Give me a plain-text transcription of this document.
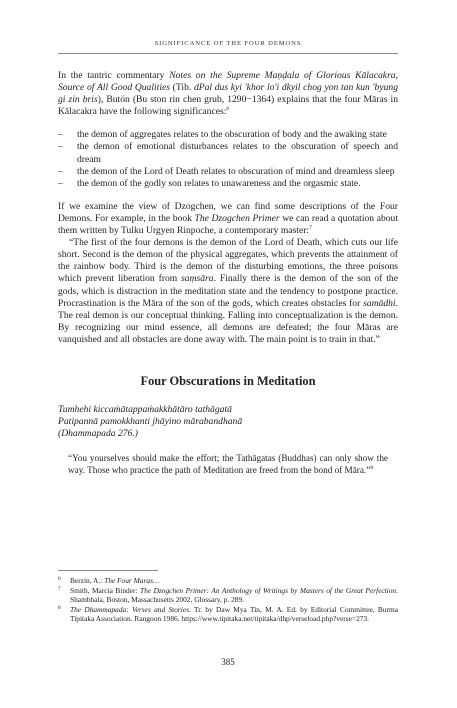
SIGNIFICANCE OF THE FOUR DEMONS

In the tantric commentary Notes on the Supreme Maṇḍala of Glorious Kālacakra, Source of All Good Qualities (Tib. dPal dus kyi 'khor lo'i dkyil chog yon tan kun 'byung gi zin bris), Butön (Bu ston rin chen grub, 1290−1364) explains that the four Māras in Kālacakra have the following significances:$^6$

– the demon of aggregates relates to the obscuration of body and the awaking state
– the demon of emotional disturbances relates to the obscuration of speech and dream
– the demon of the Lord of Death relates to obscuration of mind and dreamless sleep
– the demon of the godly son relates to unawareness and the orgasmic state.

If we examine the view of Dzogchen, we can find some descriptions of the Four Demons. For example, in the book The Dzogchen Primer we can read a quotation about them written by Tulku Urgyen Rinpoche, a contemporary master:$^7$

“The first of the four demons is the demon of the Lord of Death, which cuts our life short. Second is the demon of the physical aggregates, which prevents the attainment of the rainbow body. Third is the demon of the disturbing emotions, the three poisons which prevent liberation from saṃsāra. Finally there is the demon of the son of the gods, which is distraction in the meditation state and the tendency to postpone practice. Procrastination is the Māra of the son of the gods, which creates obstacles for samādhi. The real demon is our conceptual thinking. Falling into conceptualization is the demon. By recognizing our mind essence, all demons are defeated; the four Māras are vanquished and all obstacles are done away with. The main point is to train in that.”

Four Obscurations in Meditation

Tumhehi kiccaṁātappaṁakkhātāro tathāgatā

Patipannā pamokkhanti jhāyino mārabandhanā

(Dhammapada 276.)

“You yourselves should make the effort; the Tathāgatas (Buddhas) can only show the way. Those who practice the path of Meditation are freed from the bond of Māra.”$^8$

6 Berzin, A.: The Four Maras…
7 Smith, Marcia Binder: The Dzogchen Primer: An Anthology of Writings by Masters of the Great Perfection. Shambhala, Boston, Massachusetts 2002, Glossary, p. 289.
8 The Dhammapada: Verses and Stories. Tr. by Daw Mya Tin, M. A. Ed. by Editorial Committee, Burma Tipitaka Association. Rangoon 1986. https://www.tipitaka.net/tipitaka/dhp/verseload.php?verse=273.
385
